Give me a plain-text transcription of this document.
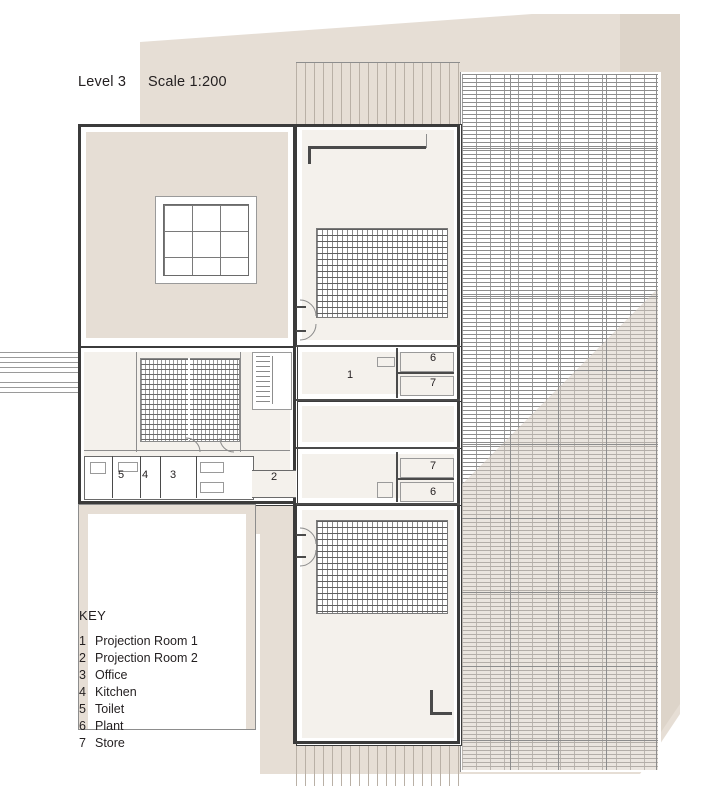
Level 3 Scale 1:200
1
2
3
4
5
6
7
7
6
KEY
1 Projection Room 1
2 Projection Room 2
3 Office
4 Kitchen
5 Toilet
6 Plant
7 Store
